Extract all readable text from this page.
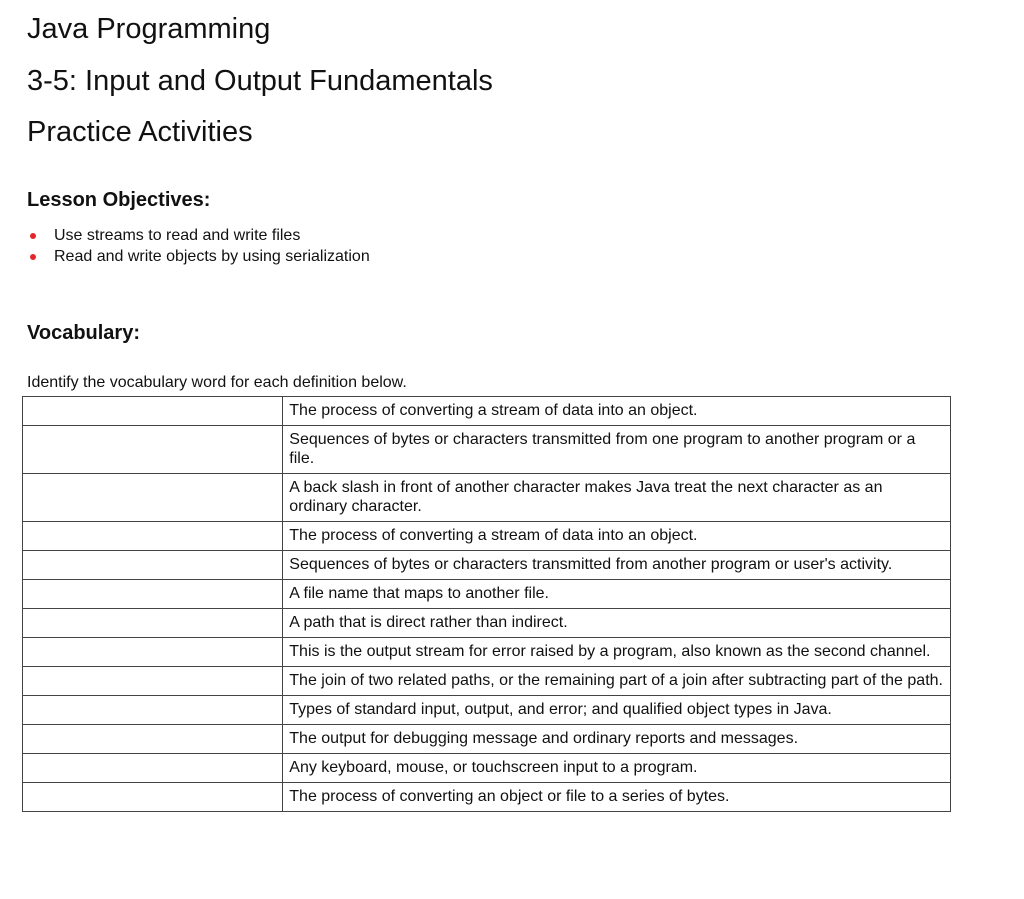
Java Programming
3-5: Input and Output Fundamentals
Practice Activities
Lesson Objectives:
Use streams to read and write files
Read and write objects by using serialization
Vocabulary:

Identify the vocabulary word for each definition below.

	The process of converting a stream of data into an object.
	Sequences of bytes or characters transmitted from one program to another program or a file.
	A back slash in front of another character makes Java treat the next character as an ordinary character.
	The process of converting a stream of data into an object.
	Sequences of bytes or characters transmitted from another program or user's activity.
	A file name that maps to another file.
	A path that is direct rather than indirect.
	This is the output stream for error raised by a program, also known as the second channel.
	The join of two related paths, or the remaining part of a join after subtracting part of the path.
	Types of standard input, output, and error; and qualified object types in Java.
	The output for debugging message and ordinary reports and messages.
	Any keyboard, mouse, or touchscreen input to a program.
	The process of converting an object or file to a series of bytes.
